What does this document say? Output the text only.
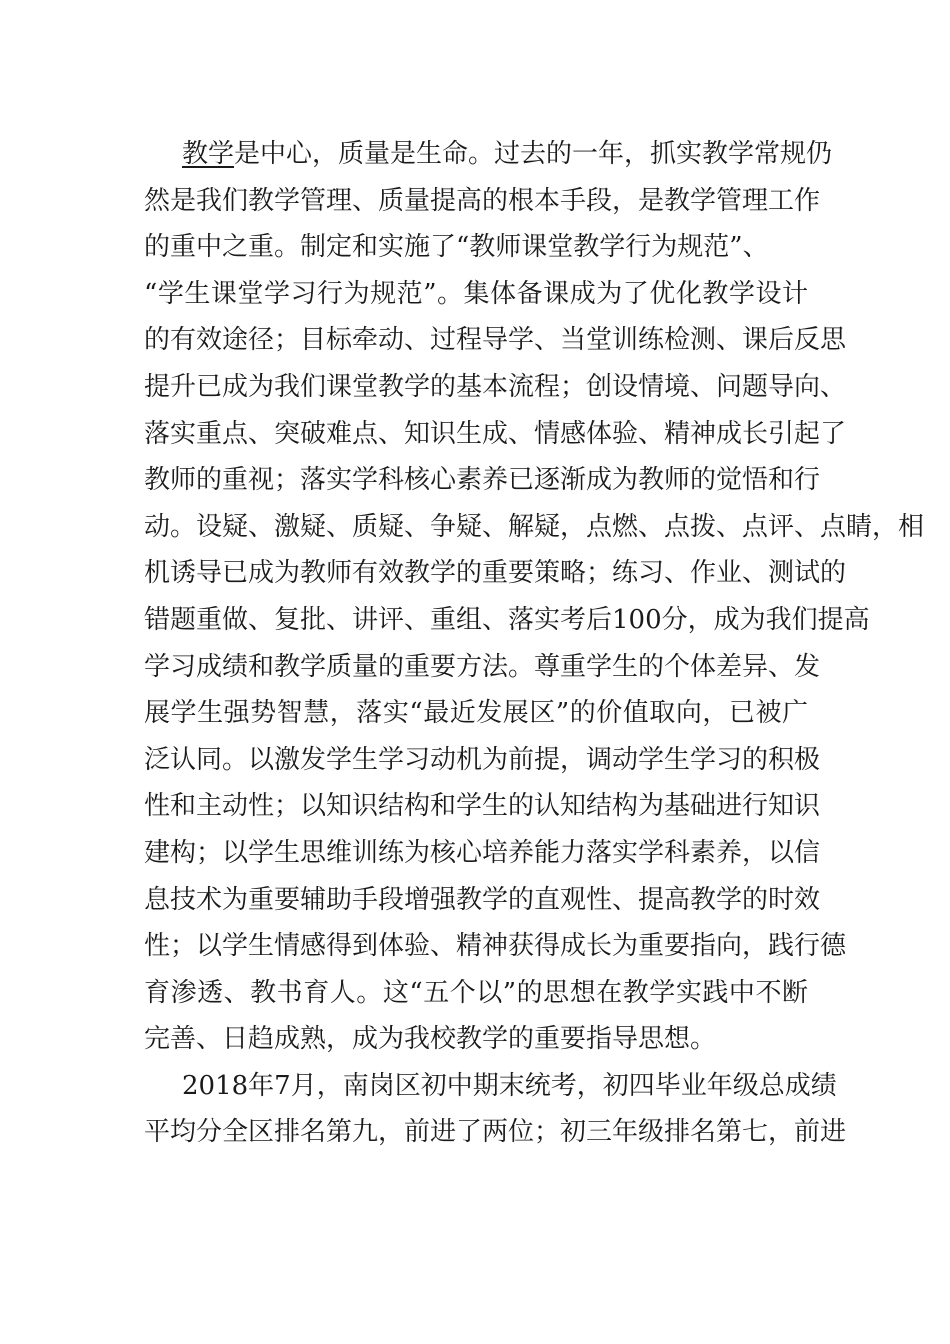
教学是中心，质量是生命。过去的一年，抓实教学常规仍
然是我们教学管理、质量提高的根本手段，是教学管理工作
的重中之重。制定和实施了“教师课堂教学行为规范”、
“学生课堂学习行为规范”。集体备课成为了优化教学设计
的有效途径；目标牵动、过程导学、当堂训练检测、课后反思
提升已成为我们课堂教学的基本流程；创设情境、问题导向、
落实重点、突破难点、知识生成、情感体验、精神成长引起了
教师的重视；落实学科核心素养已逐渐成为教师的觉悟和行
动。设疑、激疑、质疑、争疑、解疑，点燃、点拨、点评、点睛，相
机诱导已成为教师有效教学的重要策略；练习、作业、测试的
错题重做、复批、讲评、重组、落实考后100分，成为我们提高
学习成绩和教学质量的重要方法。尊重学生的个体差异、发
展学生强势智慧，落实“最近发展区”的价值取向，已被广
泛认同。以激发学生学习动机为前提，调动学生学习的积极
性和主动性；以知识结构和学生的认知结构为基础进行知识
建构；以学生思维训练为核心培养能力落实学科素养，以信
息技术为重要辅助手段增强教学的直观性、提高教学的时效
性；以学生情感得到体验、精神获得成长为重要指向，践行德
育渗透、教书育人。这“五个以”的思想在教学实践中不断
完善、日趋成熟，成为我校教学的重要指导思想。
2018年7月，南岗区初中期末统考，初四毕业年级总成绩
平均分全区排名第九，前进了两位；初三年级排名第七，前进
